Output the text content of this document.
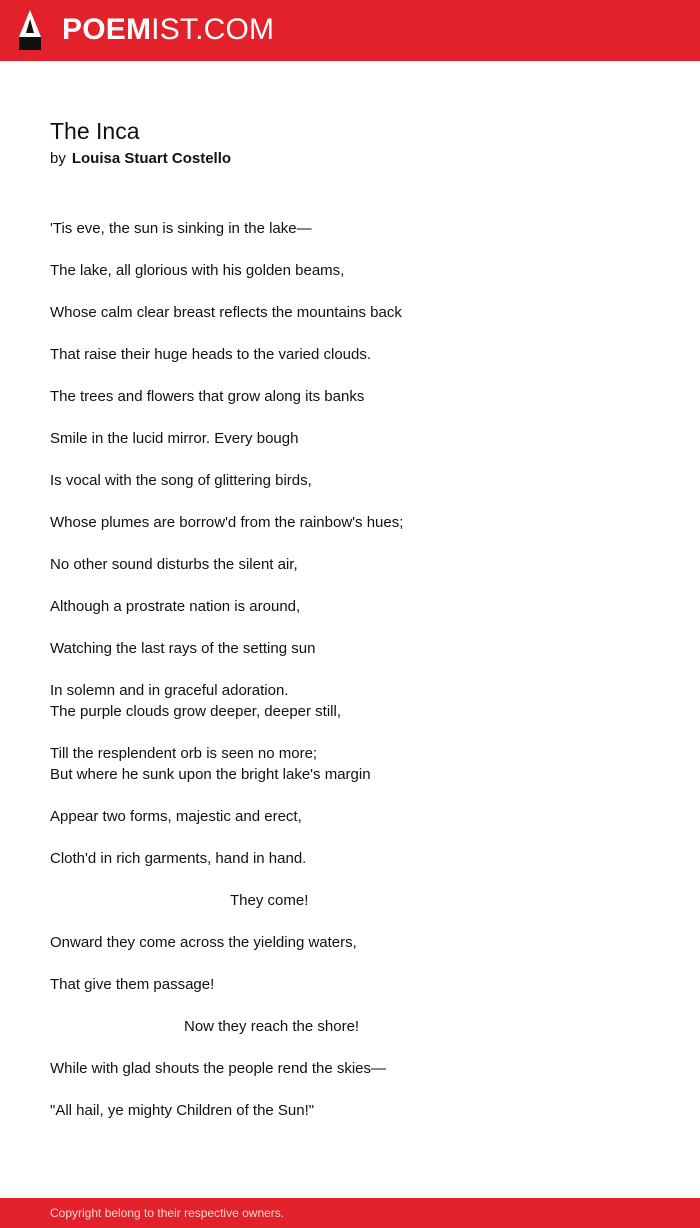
POEMIST.COM
The Inca
by Louisa Stuart Costello
'Tis eve, the sun is sinking in the lake—
The lake, all glorious with his golden beams,
Whose calm clear breast reflects the mountains back
That raise their huge heads to the varied clouds.
The trees and flowers that grow along its banks
Smile in the lucid mirror. Every bough
Is vocal with the song of glittering birds,
Whose plumes are borrow'd from the rainbow's hues;
No other sound disturbs the silent air,
Although a prostrate nation is around,
Watching the last rays of the setting sun
In solemn and in graceful adoration.
The purple clouds grow deeper, deeper still,
Till the resplendent orb is seen no more;
But where he sunk upon the bright lake's margin
Appear two forms, majestic and erect,
Cloth'd in rich garments, hand in hand.
They come!
Onward they come across the yielding waters,
That give them passage!
Now they reach the shore!
While with glad shouts the people rend the skies—
"All hail, ye mighty Children of the Sun!"
Copyright belong to their respective owners.
